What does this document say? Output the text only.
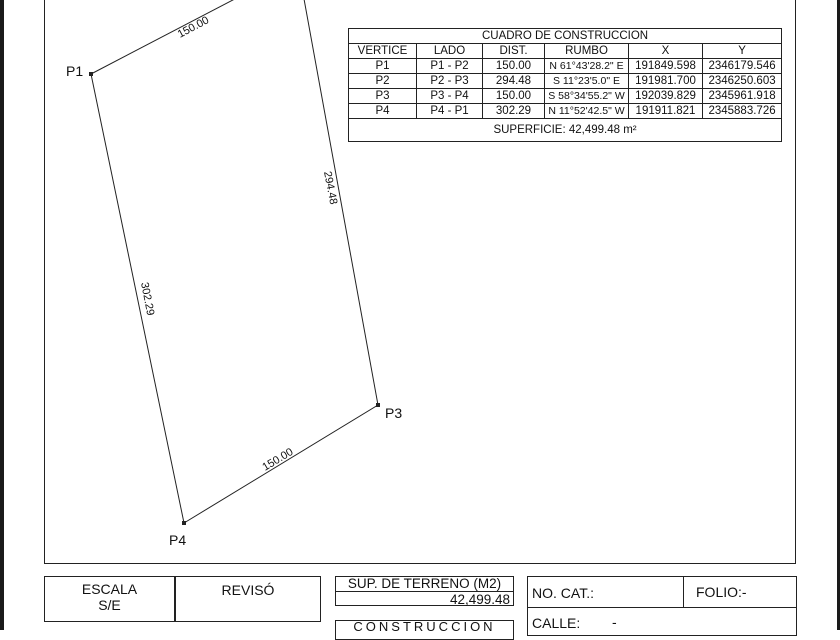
P1
P3
P4
150.00
294.48
150.00
302.29
CUADRO DE CONSTRUCCION					
VERTICE	LADO	DIST.	RUMBO	X	Y
P1	P1 - P2	150.00	N 61°43'28.2" E	191849.598	2346179.546
P2	P2 - P3	294.48	S 11°23'5.0" E	191981.700	2346250.603
P3	P3 - P4	150.00	S 58°34'55.2" W	192039.829	2345961.918
P4	P4 - P1	302.29	N 11°52'42.5" W	191911.821	2345883.726
SUPERFICIE: 42,499.48 m²					
ESCALA
S/E
REVISÓ	SUP. DE TERRENO (M2)
42,499.48
CONSTRUCCION
NO. CAT.:	FOLIO:-
CALLE: -
